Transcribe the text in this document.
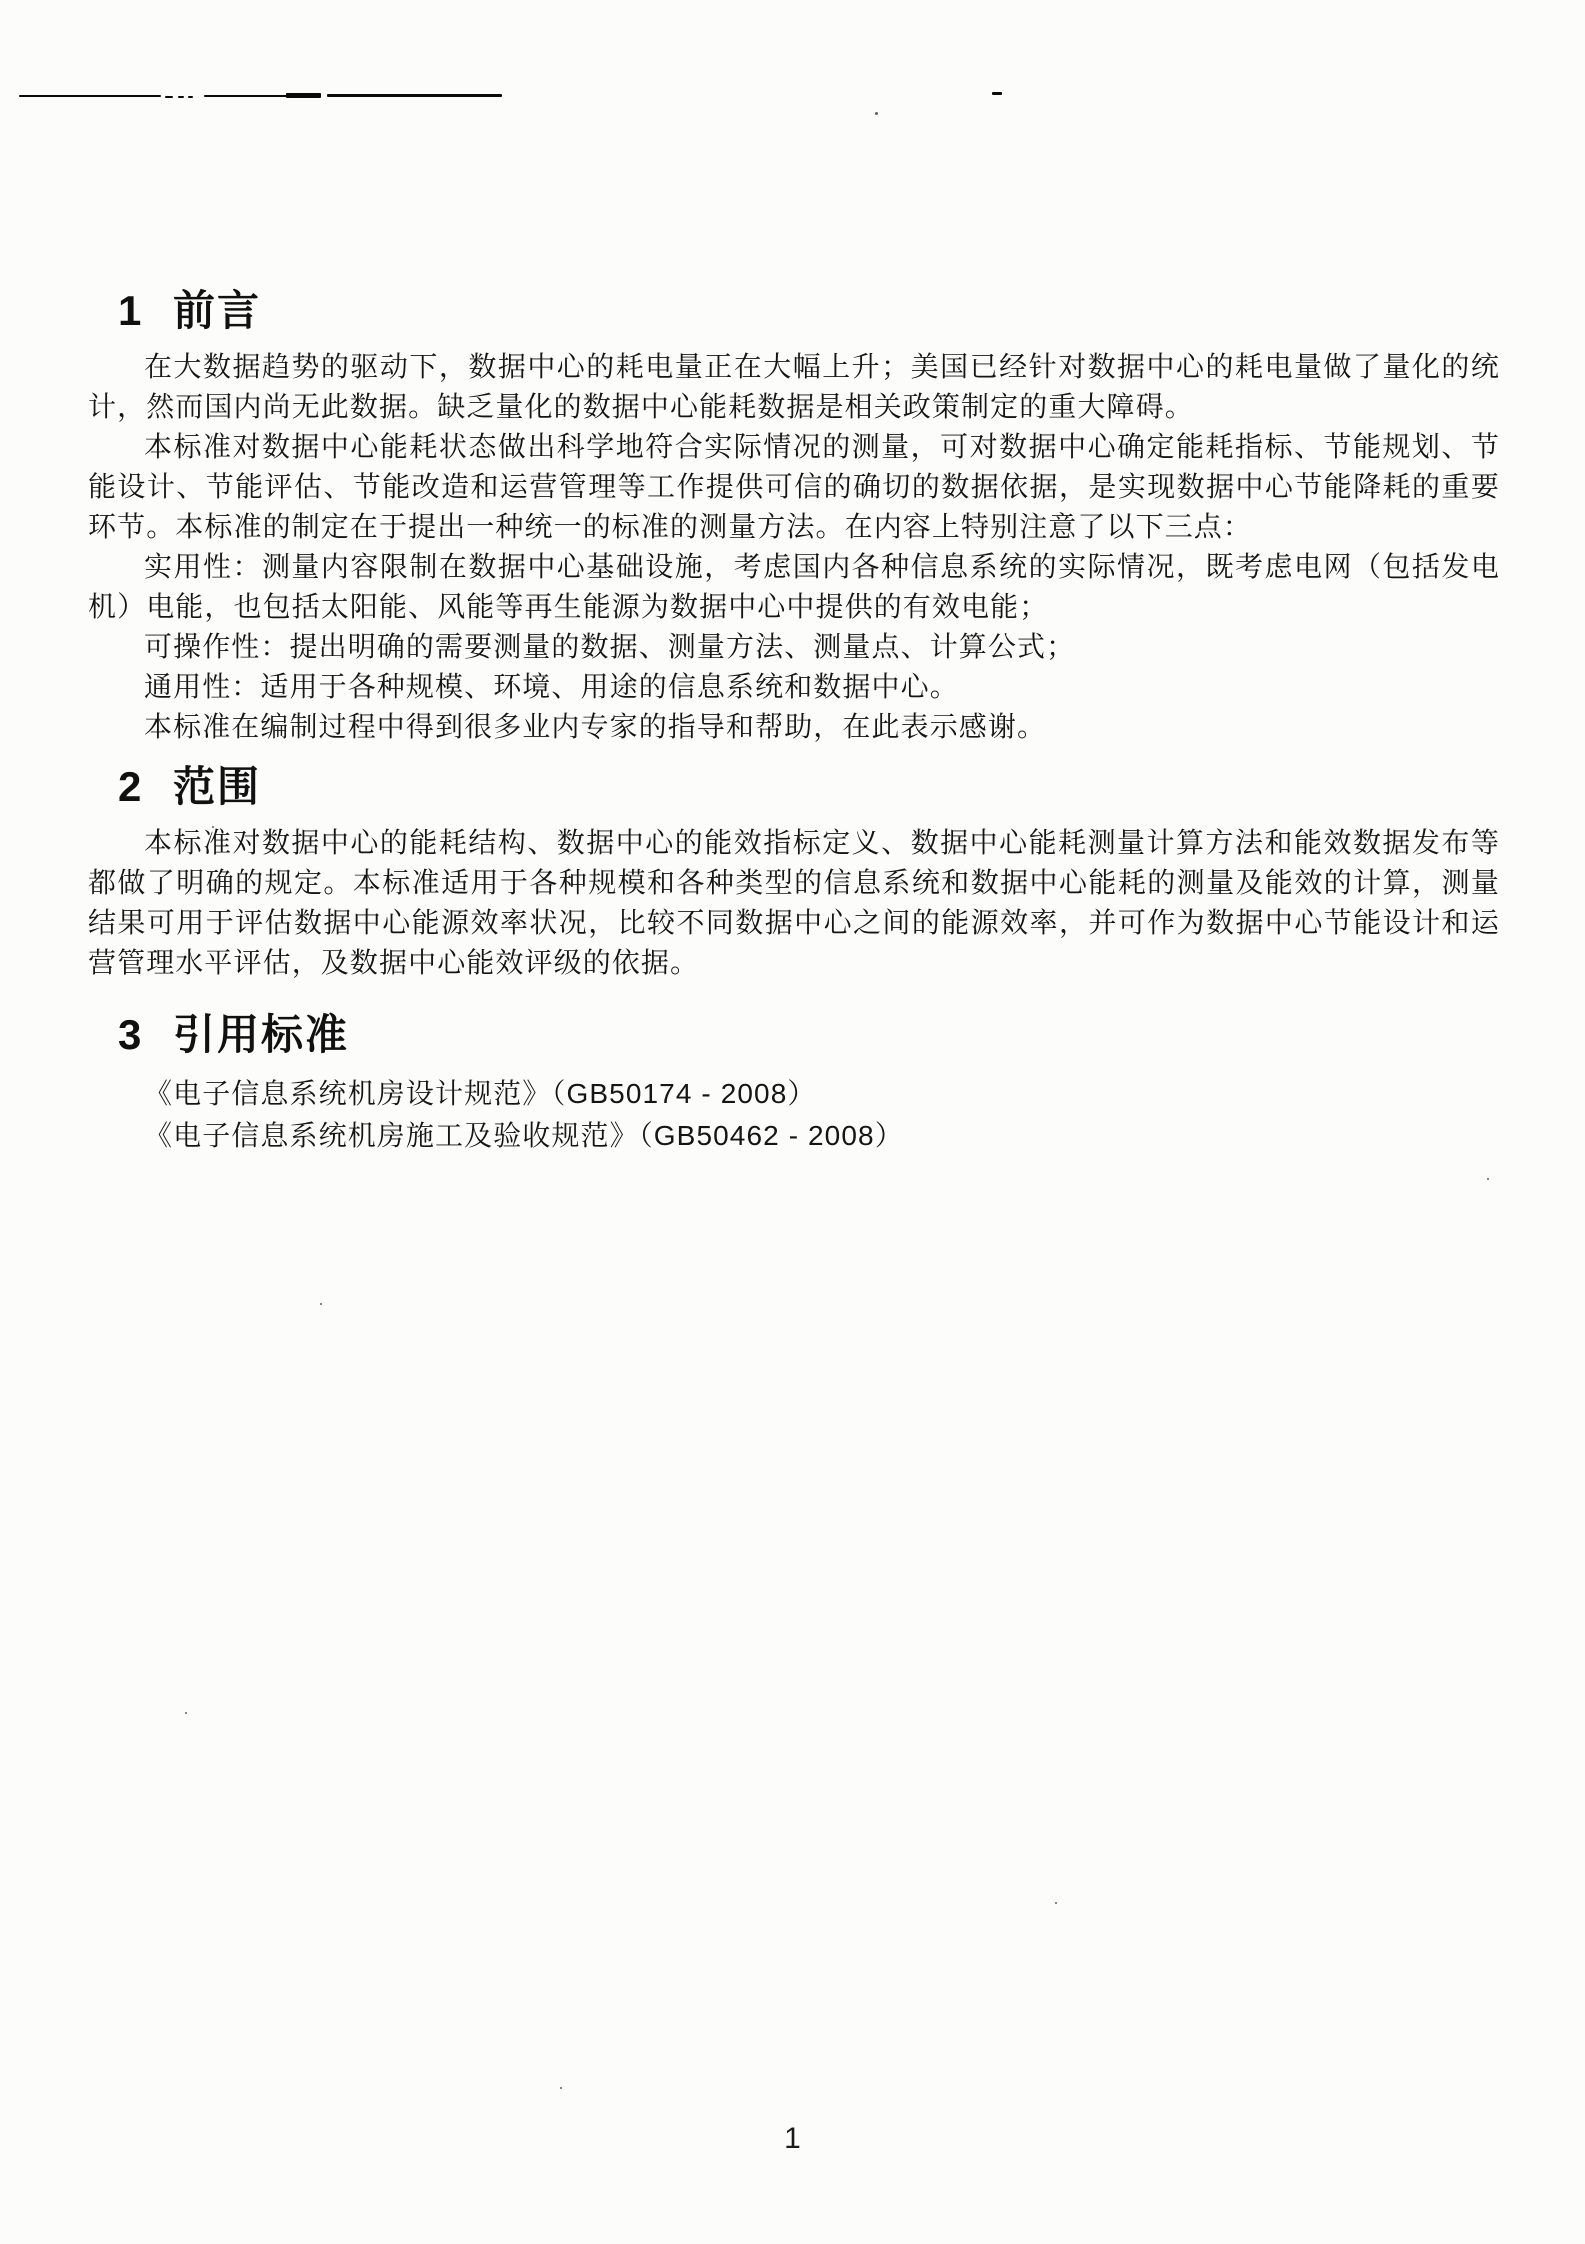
1 前言

在大数据趋势的驱动下，数据中心的耗电量正在大幅上升；美国已经针对数据中心的耗电量做了量化的统计，然而国内尚无此数据。缺乏量化的数据中心能耗数据是相关政策制定的重大障碍。

本标准对数据中心能耗状态做出科学地符合实际情况的测量，可对数据中心确定能耗指标、节能规划、节能设计、节能评估、节能改造和运营管理等工作提供可信的确切的数据依据，是实现数据中心节能降耗的重要环节。本标准的制定在于提出一种统一的标准的测量方法。在内容上特别注意了以下三点：

实用性：测量内容限制在数据中心基础设施，考虑国内各种信息系统的实际情况，既考虑电网（包括发电机）电能，也包括太阳能、风能等再生能源为数据中心中提供的有效电能；

可操作性：提出明确的需要测量的数据、测量方法、测量点、计算公式；

通用性：适用于各种规模、环境、用途的信息系统和数据中心。

本标准在编制过程中得到很多业内专家的指导和帮助，在此表示感谢。

2 范围

本标准对数据中心的能耗结构、数据中心的能效指标定义、数据中心能耗测量计算方法和能效数据发布等都做了明确的规定。本标准适用于各种规模和各种类型的信息系统和数据中心能耗的测量及能效的计算，测量结果可用于评估数据中心能源效率状况，比较不同数据中心之间的能源效率，并可作为数据中心节能设计和运营管理水平评估，及数据中心能效评级的依据。

3 引用标准

《电子信息系统机房设计规范》（GB50174 - 2008）

《电子信息系统机房施工及验收规范》（GB50462 - 2008）

1
